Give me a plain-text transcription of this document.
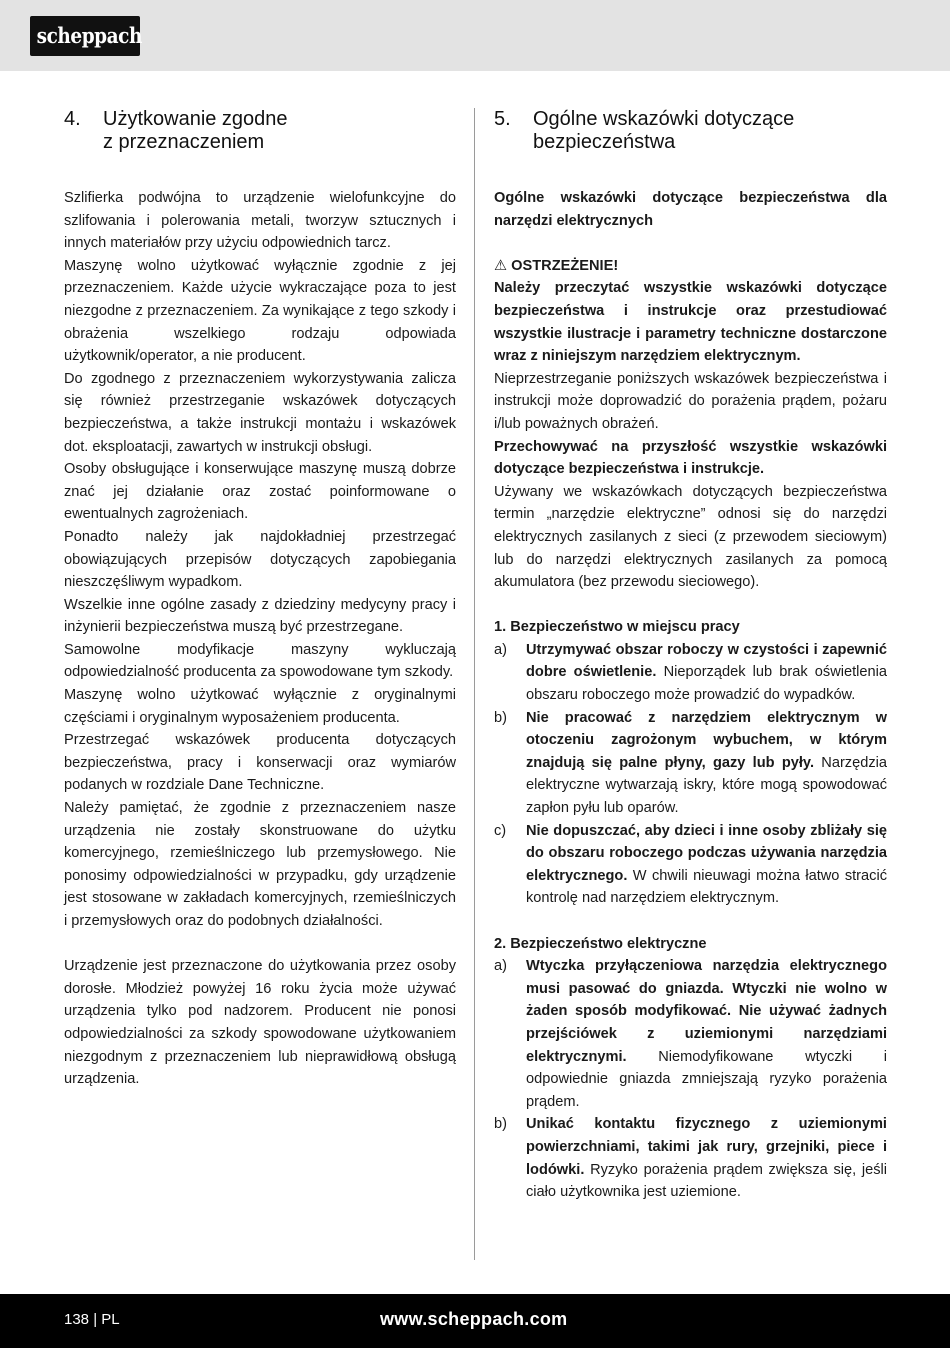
scheppach
4.	Użytkowanie zgodne
z przeznaczeniem

Szlifierka podwójna to urządzenie wielofunkcyjne do szlifowania i polerowania metali, tworzyw sztucznych i innych materiałów przy użyciu odpowiednich tarcz.

Maszynę wolno użytkować wyłącznie zgodnie z jej przeznaczeniem. Każde użycie wykraczające poza to jest niezgodne z przeznaczeniem. Za wynikające z tego szkody i obrażenia wszelkiego rodzaju odpowiada użytkownik/operator, a nie producent.

Do zgodnego z przeznaczeniem wykorzystywania zalicza się również przestrzeganie wskazówek dotyczących bezpieczeństwa, a także instrukcji montażu i wskazówek dot. eksploatacji, zawartych w instrukcji obsługi.

Osoby obsługujące i konserwujące maszynę muszą dobrze znać jej działanie oraz zostać poinformowane o ewentualnych zagrożeniach.

Ponadto należy jak najdokładniej przestrzegać obowiązujących przepisów dotyczących zapobiegania nieszczęśliwym wypadkom.

Wszelkie inne ogólne zasady z dziedziny medycyny pracy i inżynierii bezpieczeństwa muszą być przestrzegane.

Samowolne modyfikacje maszyny wykluczają odpowiedzialność producenta za spowodowane tym szkody.

Maszynę wolno użytkować wyłącznie z oryginalnymi częściami i oryginalnym wyposażeniem producenta.

Przestrzegać wskazówek producenta dotyczących bezpieczeństwa, pracy i konserwacji oraz wymiarów podanych w rozdziale Dane Techniczne.

Należy pamiętać, że zgodnie z przeznaczeniem nasze urządzenia nie zostały skonstruowane do użytku komercyjnego, rzemieślniczego lub przemysłowego. Nie ponosimy odpowiedzialności w przypadku, gdy urządzenie jest stosowane w zakładach komercyjnych, rzemieślniczych i przemysłowych oraz do podobnych działalności.

Urządzenie jest przeznaczone do użytkowania przez osoby dorosłe. Młodzież powyżej 16 roku życia może używać urządzenia tylko pod nadzorem. Producent nie ponosi odpowiedzialności za szkody spowodowane użytkowaniem niezgodnym z przeznaczeniem lub nieprawidłową obsługą urządzenia.

5.	Ogólne wskazówki dotyczące
bezpieczeństwa

Ogólne wskazówki dotyczące bezpieczeństwa dla narzędzi elektrycznych

⚠ OSTRZEŻENIE!

Należy przeczytać wszystkie wskazówki dotyczące bezpieczeństwa i instrukcje oraz przestudiować wszystkie ilustracje i parametry techniczne dostarczone wraz z niniejszym narzędziem elektrycznym.

Nieprzestrzeganie poniższych wskazówek bezpieczeństwa i instrukcji może doprowadzić do porażenia prądem, pożaru i/lub poważnych obrażeń.

Przechowywać na przyszłość wszystkie wskazówki dotyczące bezpieczeństwa i instrukcje.

Używany we wskazówkach dotyczących bezpieczeństwa termin „narzędzie elektryczne” odnosi się do narzędzi elektrycznych zasilanych z sieci (z przewodem sieciowym) lub do narzędzi elektrycznych zasilanych za pomocą akumulatora (bez przewodu sieciowego).

1. Bezpieczeństwo w miejscu pracy
a)	Utrzymywać obszar roboczy w czystości i zapewnić dobre oświetlenie. Nieporządek lub brak oświetlenia obszaru roboczego może prowadzić do wypadków.

b)	Nie pracować z narzędziem elektrycznym w otoczeniu zagrożonym wybuchem, w którym znajdują się palne płyny, gazy lub pyły. Narzędzia elektryczne wytwarzają iskry, które mogą spowodować zapłon pyłu lub oparów.

c)	Nie dopuszczać, aby dzieci i inne osoby zbliżały się do obszaru roboczego podczas używania narzędzia elektrycznego. W chwili nieuwagi można łatwo stracić kontrolę nad narzędziem elektrycznym.

2. Bezpieczeństwo elektryczne
a)	Wtyczka przyłączeniowa narzędzia elektrycznego musi pasować do gniazda. Wtyczki nie wolno w żaden sposób modyfikować. Nie używać żadnych przejściówek z uziemionymi narzędziami elektrycznymi. Niemodyfikowane wtyczki i odpowiednie gniazda zmniejszają ryzyko porażenia prądem.

b)	Unikać kontaktu fizycznego z uziemionymi powierzchniami, takimi jak rury, grzejniki, piece i lodówki. Ryzyko porażenia prądem zwiększa się, jeśli ciało użytkownika jest uziemione.

138 | PL	www.scheppach.com
